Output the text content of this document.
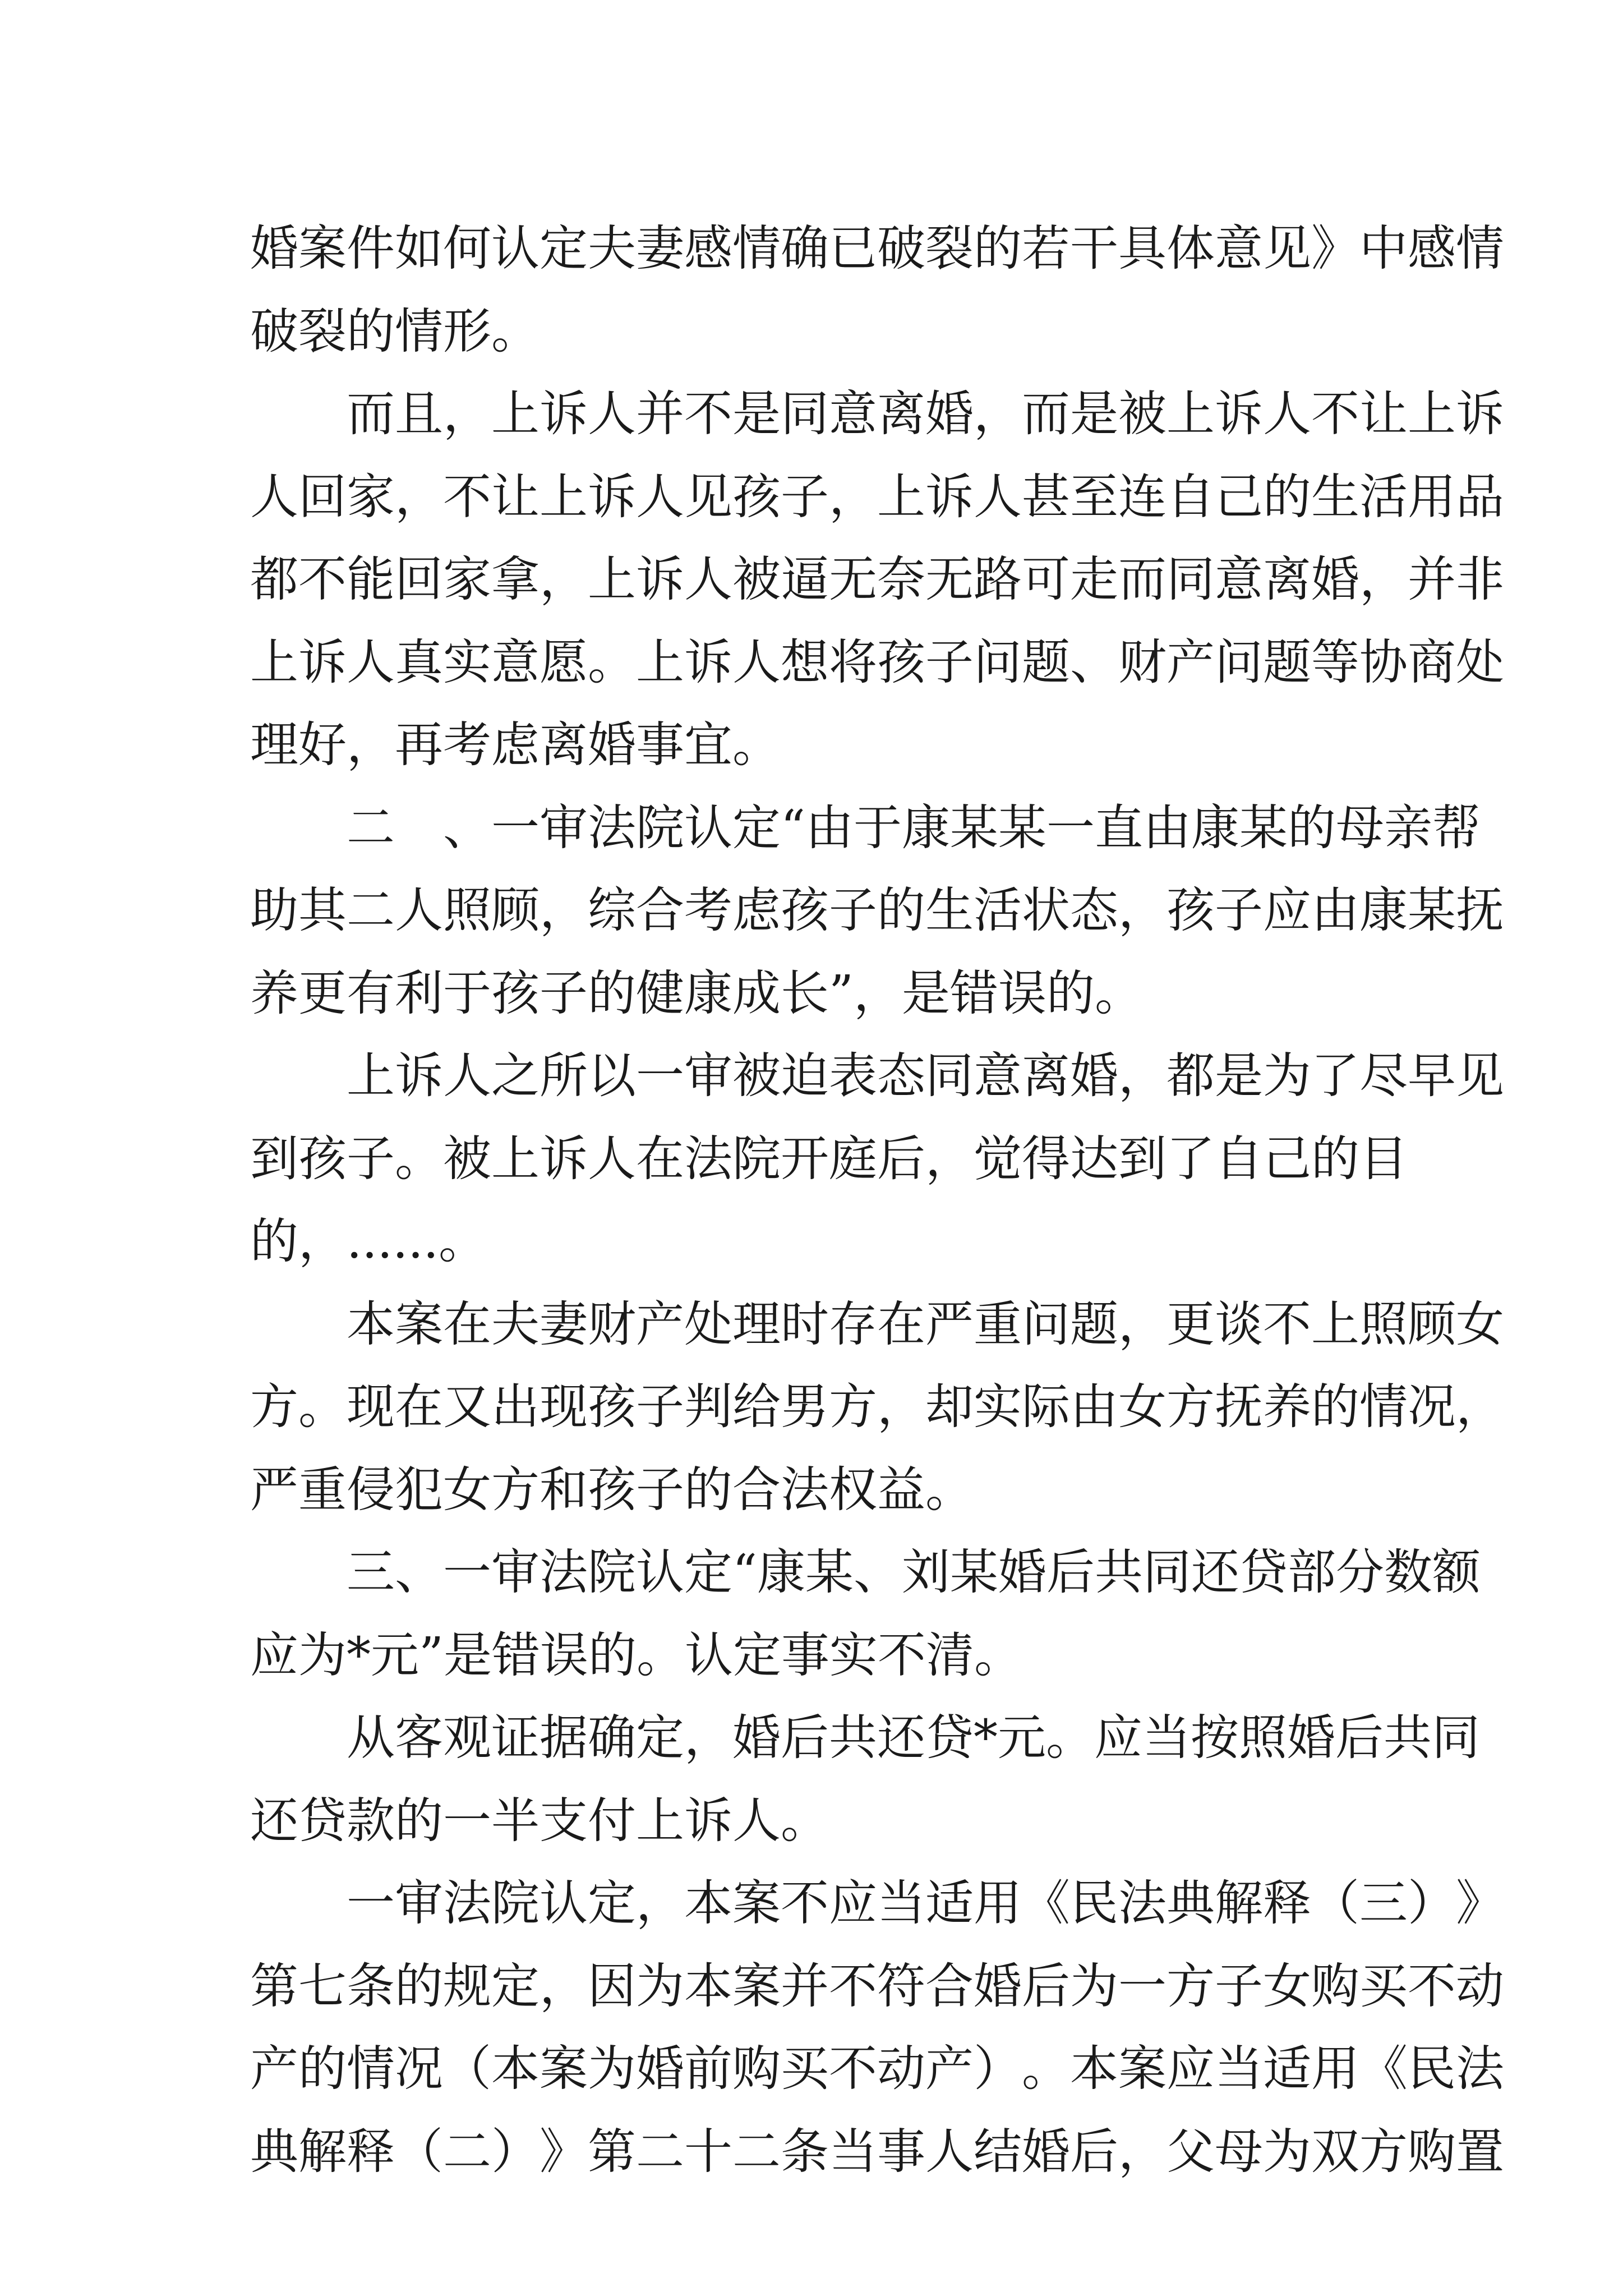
婚 案 件 如 何 认 定 夫 妻 感 情 确 已 破 裂 的 若 干 具 体 意 见 》 中 感 情
破裂的情形。

而 且 ， 上 诉 人 并 不 是 同 意 离 婚 ， 而 是 被 上 诉 人 不 让 上 诉
人 回 家 ， 不 让 上 诉 人 见 孩 子 ， 上 诉 人 甚 至 连 自 己 的 生 活 用 品
都 不 能 回 家 拿 ， 上 诉 人 被 逼 无 奈 无 路 可 走 而 同 意 离 婚 ， 并 非
上 诉 人 真 实 意 愿 。 上 诉 人 想 将 孩 子 问 题 、 财 产 问 题 等 协 商 处
理好，再考虑离婚事宜。

二
　 、 一 审 法 院 认 定 “ 由 于 康 某 某 一 直 由 康 某 的 母 亲 帮
助 其 二 人 照 顾 ， 综 合 考 虑 孩 子 的 生 活 状 态 ， 孩 子 应 由 康 某 抚
养更有利于孩子的健康成长”，是错误的。

上 诉 人 之 所 以 一 审 被 迫 表 态 同 意 离 婚 ， 都 是 为 了 尽 早 见
到 孩 子 。 被 上 诉 人 在 法 院 开 庭 后 ， 觉 得 达 到 了 自 己 的 目
的，......。

本 案 在 夫 妻 财 产 处 理 时 存 在 严 重 问 题 ， 更 谈 不 上 照 顾 女
方 。 现 在 又 出 现 孩 子 判 给 男 方 ， 却 实 际 由 女 方 抚 养 的 情 况 ，
严重侵犯女方和孩子的合法权益。

三 、 一 审 法 院 认 定 “ 康 某 、 刘 某 婚 后 共 同 还 贷 部 分 数 额
应为*元”是错误的。认定事实不清。

从 客 观 证 据 确 定 ， 婚 后 共 还 贷 * 元 。 应 当 按 照 婚 后 共 同
还贷款的一半支付上诉人。

一 审 法 院 认 定 ， 本 案 不 应 当 适 用 《 民 法 典 解 释 （ 三 ） 》
第 七 条 的 规 定 ， 因 为 本 案 并 不 符 合 婚 后 为 一 方 子 女 购 买 不 动
产 的 情 况 （ 本 案 为 婚 前 购 买 不 动 产 ） 。 本 案 应 当 适 用 《 民 法
典 解 释 （ 二 ） 》 第 二 十 二 条 当 事 人 结 婚 后 ， 父 母 为 双 方 购 置
